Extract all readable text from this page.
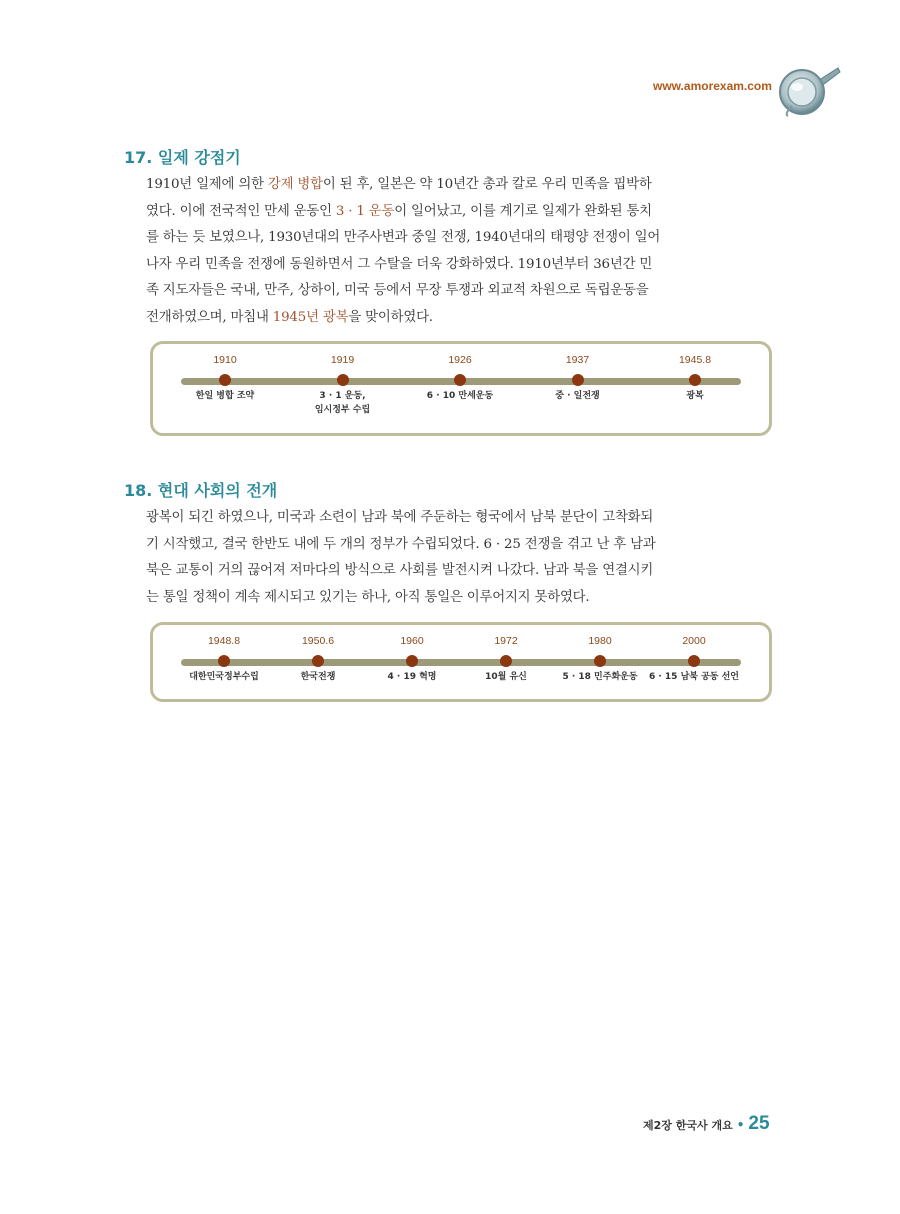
www.amorexam.com
17. 일제 강점기
1910년 일제에 의한 강제 병합이 된 후, 일본은 약 10년간 총과 칼로 우리 민족을 핍박하
였다. 이에 전국적인 만세 운동인 3 · 1 운동이 일어났고, 이를 계기로 일제가 완화된 통치
를 하는 듯 보였으나, 1930년대의 만주사변과 중일 전쟁, 1940년대의 태평양 전쟁이 일어
나자 우리 민족을 전쟁에 동원하면서 그 수탈을 더욱 강화하였다. 1910년부터 36년간 민
족 지도자들은 국내, 만주, 상하이, 미국 등에서 무장 투쟁과 외교적 차원으로 독립운동을
전개하였으며, 마침내 1945년 광복을 맞이하였다.
1910
한일 병합 조약
1919
3 · 1 운동,
임시정부 수립
1926
6 · 10 만세운동
1937
중 · 일전쟁
1945.8
광복
18. 현대 사회의 전개
광복이 되긴 하였으나, 미국과 소련이 남과 북에 주둔하는 형국에서 남북 분단이 고착화되
기 시작했고, 결국 한반도 내에 두 개의 정부가 수립되었다. 6 · 25 전쟁을 겪고 난 후 남과
북은 교통이 거의 끊어져 저마다의 방식으로 사회를 발전시켜 나갔다. 남과 북을 연결시키
는 통일 정책이 계속 제시되고 있기는 하나, 아직 통일은 이루어지지 못하였다.
1948.8
대한민국정부수립
1950.6
한국전쟁
1960
4 · 19 혁명
1972
10월 유신
1980
5 · 18 민주화운동
2000
6 · 15 남북 공동 선언
제2장 한국사 개요 • 25
